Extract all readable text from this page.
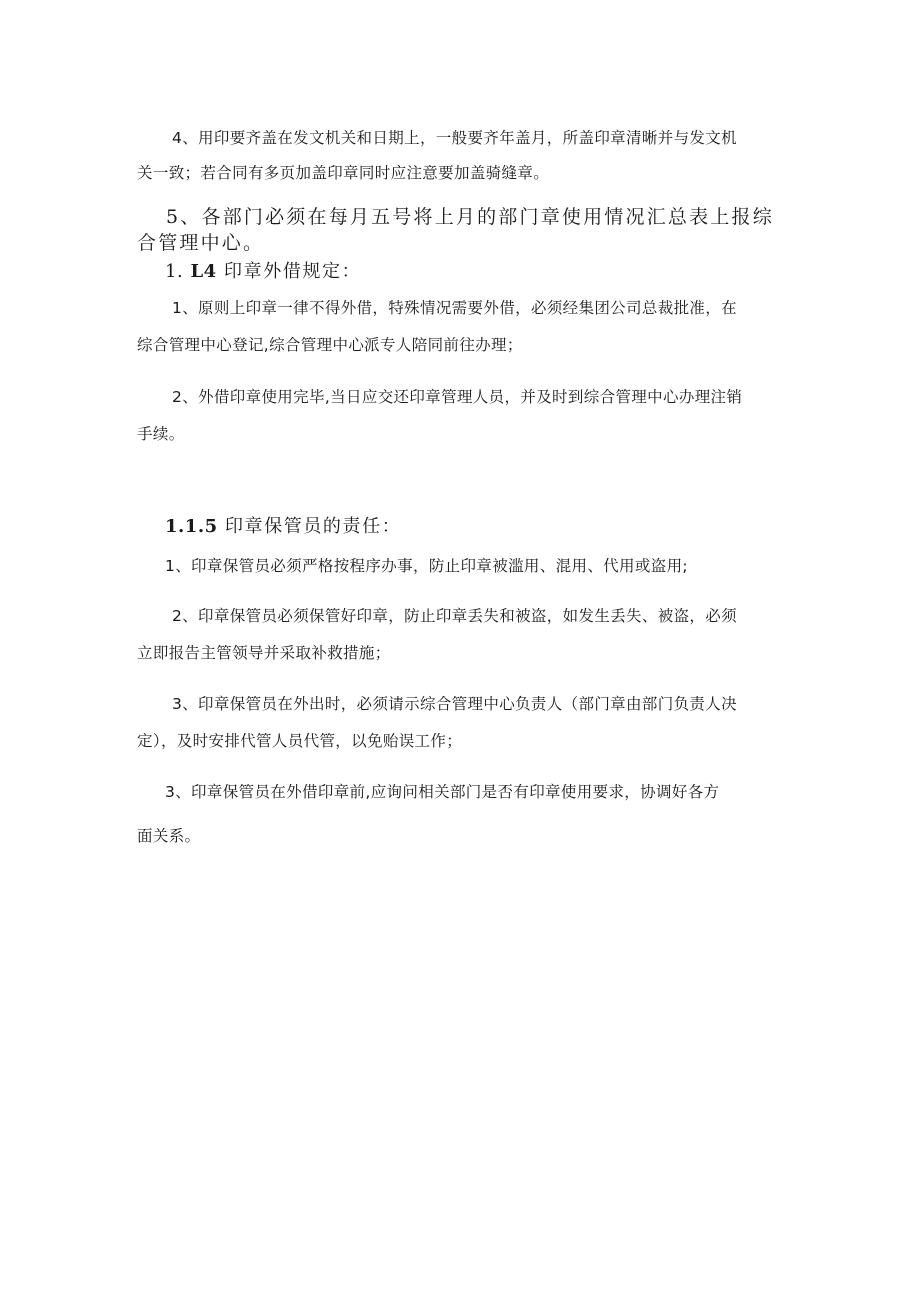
4、用印要齐盖在发文机关和日期上，一般要齐年盖月，所盖印章清晰并与发文机
关一致；若合同有多页加盖印章同时应注意要加盖骑缝章。
5、各部门必须在每月五号将上月的部门章使用情况汇总表上报综
合管理中心。
1. L4 印章外借规定：
1、原则上印章一律不得外借，特殊情况需要外借，必须经集团公司总裁批准，在
综合管理中心登记,综合管理中心派专人陪同前往办理；
2、外借印章使用完毕,当日应交还印章管理人员，并及时到综合管理中心办理注销
手续。
1.1.5 印章保管员的责任：
1、印章保管员必须严格按程序办事，防止印章被滥用、混用、代用或盗用;
2、印章保管员必须保管好印章，防止印章丢失和被盗，如发生丢失、被盗，必须
立即报告主管领导并采取补救措施；
3、印章保管员在外出时，必须请示综合管理中心负责人（部门章由部门负责人决
定），及时安排代管人员代管，以免贻误工作；
3、印章保管员在外借印章前,应询问相关部门是否有印章使用要求，协调好各方
面关系。
